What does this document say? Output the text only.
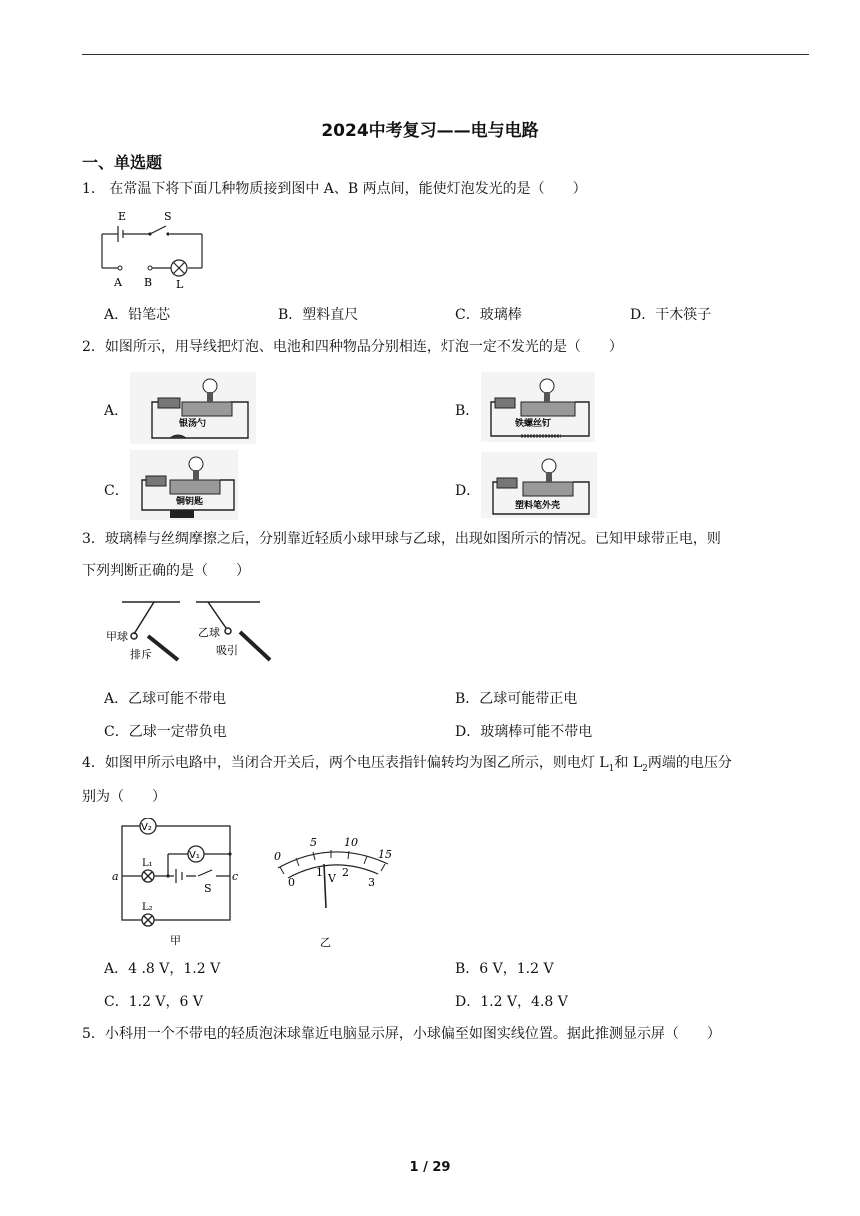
2024中考复习——电与电路
一、单选题
1． 在常温下将下面几种物质接到图中 A、B 两点间，能使灯泡发光的是（　　）
E	S
A B L
A．铅笔芯	B．塑料直尺	C．玻璃棒	D．干木筷子
2．如图所示，用导线把灯泡、电池和四种物品分别相连，灯泡一定不发光的是（　　）
A．
银汤勺
B．
铁螺丝钉
C．
铜钥匙
D．
塑料笔外壳
3．玻璃棒与丝绸摩擦之后，分别靠近轻质小球甲球与乙球，出现如图所示的情况。已知甲球带正电，则
下列判断正确的是（　　）
甲球
排斥
乙球
吸引
A．乙球可能不带电	B．乙球可能带正电
C．乙球一定带负电	D．玻璃棒可能不带电
4．如图甲所示电路中，当闭合开关后，两个电压表指针偏转均为图乙所示，则电灯 $L_1$和 $L_2$两端的电压分
别为（　　）
V₂
V₁
L₁
L₂
a	c
S
甲
0
5 10
15
0
1 2
3
V
乙
A．4 .8 V，1.2 V	B．6 V，1.2 V
C．1.2 V，6 V	D．1.2 V，4.8 V
5．小科用一个不带电的轻质泡沫球靠近电脑显示屏，小球偏至如图实线位置。据此推测显示屏（　　）
1 / 29
